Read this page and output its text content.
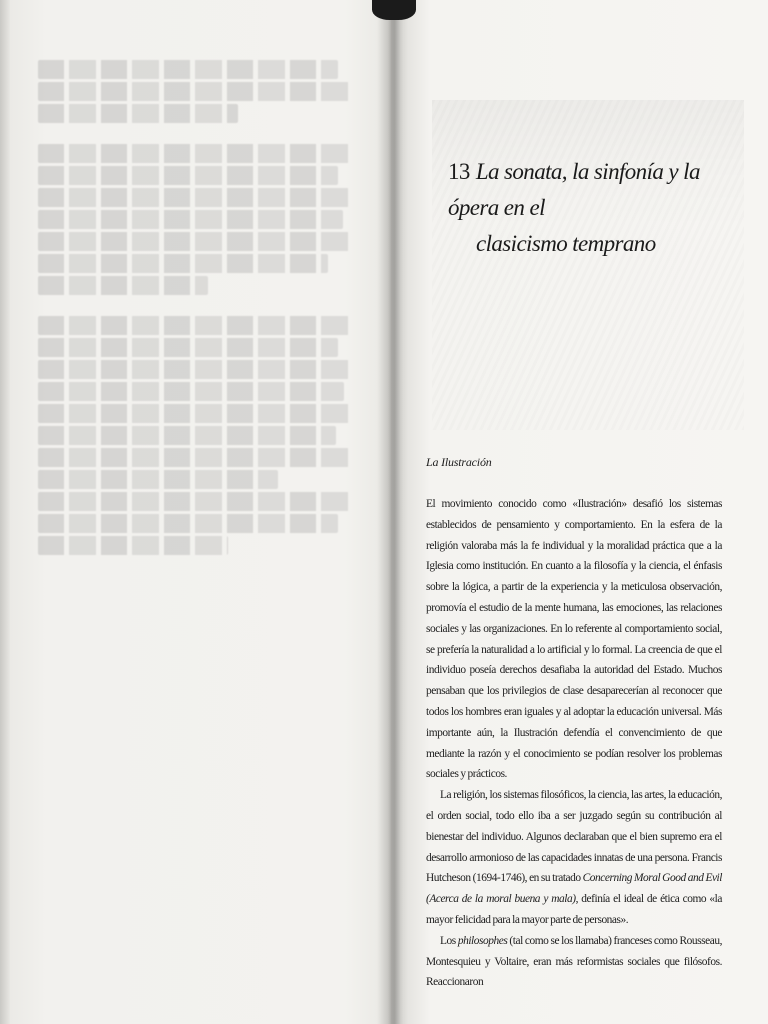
13 La sonata, la sinfonía y la ópera en el
clasicismo temprano
La Ilustración

El movimiento conocido como «Ilustración» desafió los sistemas establecidos de pensamiento y comportamiento. En la esfera de la religión valoraba más la fe individual y la moralidad práctica que a la Iglesia como institución. En cuanto a la filosofía y la ciencia, el énfasis sobre la lógica, a partir de la experiencia y la meticulosa observación, promovía el estudio de la mente humana, las emociones, las relaciones sociales y las organizaciones. En lo referente al comportamiento social, se prefería la naturalidad a lo artificial y lo formal. La creencia de que el individuo poseía derechos desafiaba la autoridad del Estado. Muchos pensaban que los privilegios de clase desaparecerían al reconocer que todos los hombres eran iguales y al adoptar la educación universal. Más importante aún, la Ilustración defendía el convencimiento de que mediante la razón y el conocimiento se podían resolver los problemas sociales y prácticos.

La religión, los sistemas filosóficos, la ciencia, las artes, la educación, el orden social, todo ello iba a ser juzgado según su contribución al bienestar del individuo. Algunos declaraban que el bien supremo era el desarrollo armonioso de las capacidades innatas de una persona. Francis Hutcheson (1694-1746), en su tratado Concerning Moral Good and Evil (Acerca de la moral buena y mala), definía el ideal de ética como «la mayor felicidad para la mayor parte de personas».

Los philosophes (tal como se los llamaba) franceses como Rousseau, Montesquieu y Voltaire, eran más reformistas sociales que filósofos. Reaccionaron
